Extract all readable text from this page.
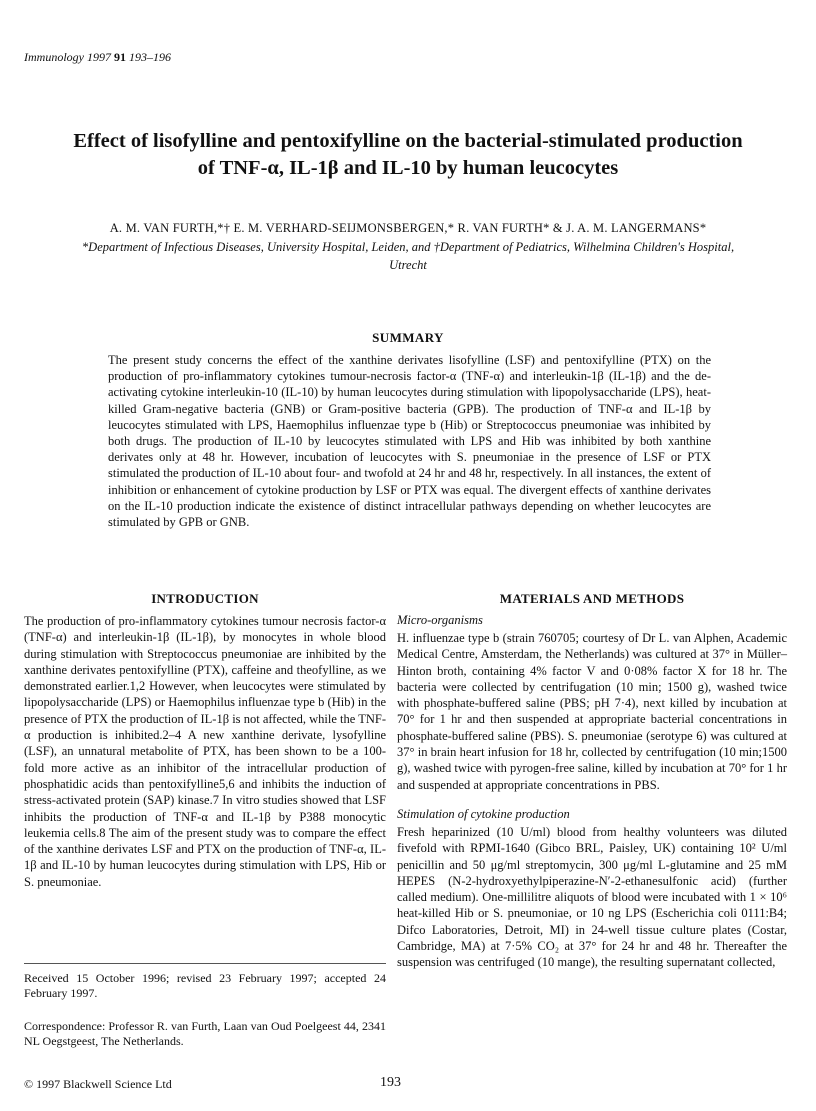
Immunology 1997 91 193–196
Effect of lisofylline and pentoxifylline on the bacterial-stimulated production
of TNF-α, IL-1β and IL-10 by human leucocytes
A. M. VAN FURTH,*† E. M. VERHARD-SEIJMONSBERGEN,* R. VAN FURTH* & J. A. M. LANGERMANS*
*Department of Infectious Diseases, University Hospital, Leiden, and †Department of Pediatrics, Wilhelmina Children's Hospital,
Utrecht
SUMMARY

The present study concerns the effect of the xanthine derivates lisofylline (LSF) and pentoxifylline (PTX) on the production of pro-inflammatory cytokines tumour-necrosis factor-α (TNF-α) and interleukin-1β (IL-1β) and the de-activating cytokine interleukin-10 (IL-10) by human leucocytes during stimulation with lipopolysaccharide (LPS), heat-killed Gram-negative bacteria (GNB) or Gram-positive bacteria (GPB). The production of TNF-α and IL-1β by leucocytes stimulated with LPS, Haemophilus influenzae type b (Hib) or Streptococcus pneumoniae was inhibited by both drugs. The production of IL-10 by leucocytes stimulated with LPS and Hib was inhibited by both xanthine derivates only at 48 hr. However, incubation of leucocytes with S. pneumoniae in the presence of LSF or PTX stimulated the production of IL-10 about four- and twofold at 24 hr and 48 hr, respectively. In all instances, the extent of inhibition or enhancement of cytokine production by LSF or PTX was equal. The divergent effects of xanthine derivates on the IL-10 production indicate the existence of distinct intracellular pathways depending on whether leucocytes are stimulated by GPB or GNB.

INTRODUCTION

The production of pro-inflammatory cytokines tumour necrosis factor-α (TNF-α) and interleukin-1β (IL-1β), by monocytes in whole blood during stimulation with Streptococcus pneumoniae are inhibited by the xanthine derivates pentoxifylline (PTX), caffeine and theofylline, as we demonstrated earlier.1,2 However, when leucocytes were stimulated by lipopolysaccharide (LPS) or Haemophilus influenzae type b (Hib) in the presence of PTX the production of IL-1β is not affected, while the TNF-α production is inhibited.2–4 A new xanthine derivate, lysofylline (LSF), an unnatural metabolite of PTX, has been shown to be a 100-fold more active as an inhibitor of the intracellular production of phosphatidic acids than pentoxifylline5,6 and inhibits the induction of stress-activated protein (SAP) kinase.7 In vitro studies showed that LSF inhibits the production of TNF-α and IL-1β by P388 monocytic leukemia cells.8 The aim of the present study was to compare the effect of the xanthine derivates LSF and PTX on the production of TNF-α, IL-1β and IL-10 by human leucocytes during stimulation with LPS, Hib or S. pneumoniae.

Received 15 October 1996; revised 23 February 1997; accepted 24 February 1997.
Correspondence: Professor R. van Furth, Laan van Oud Poelgeest 44, 2341 NL Oegstgeest, The Netherlands.
MATERIALS AND METHODS
Micro-organisms

H. influenzae type b (strain 760705; courtesy of Dr L. van Alphen, Academic Medical Centre, Amsterdam, the Netherlands) was cultured at 37° in Müller–Hinton broth, containing 4% factor V and 0·08% factor X for 18 hr. The bacteria were collected by centrifugation (10 min; 1500 g), washed twice with phosphate-buffered saline (PBS; pH 7·4), next killed by incubation at 70° for 1 hr and then suspended at appropriate bacterial concentrations in phosphate-buffered saline (PBS). S. pneumoniae (serotype 6) was cultured at 37° in brain heart infusion for 18 hr, collected by centrifugation (10 min;1500 g), washed twice with pyrogen-free saline, killed by incubation at 70° for 1 hr and suspended at appropriate concentrations in PBS.

Stimulation of cytokine production

Fresh heparinized (10 U/ml) blood from healthy volunteers was diluted fivefold with RPMI-1640 (Gibco BRL, Paisley, UK) containing 10² U/ml penicillin and 50 μg/ml streptomycin, 300 μg/ml L-glutamine and 25 mM HEPES (N-2-hydroxyethylpiperazine-N′-2-ethanesulfonic acid) (further called medium). One-millilitre aliquots of blood were incubated with 1 × 10⁶ heat-killed Hib or S. pneumoniae, or 10 ng LPS (Escherichia coli 0111:B4; Difco Laboratories, Detroit, MI) in 24-well tissue culture plates (Costar, Cambridge, MA) at 7·5% CO₂ at 37° for 24 hr and 48 hr. Thereafter the suspension was centrifuged (10 mange), the resulting supernatant collected,

© 1997 Blackwell Science Ltd	193
